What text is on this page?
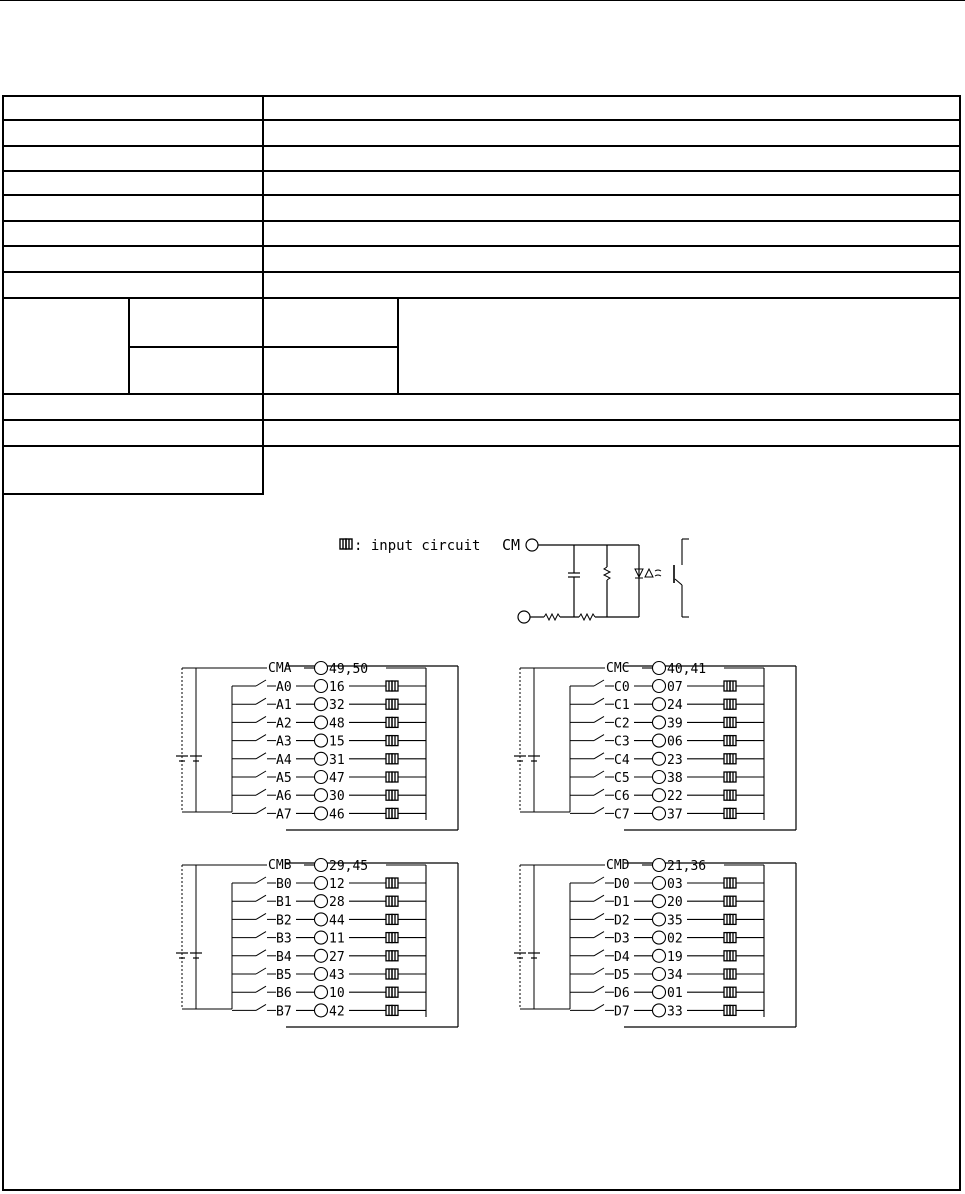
: input circuit CM
CMA	49,50
A0	16
A1	32
A2	48
A3	15
A4	31
A5	47
A6	30
A7	46
CMC	40,41
C0	07
C1	24
C2	39
C3	06
C4	23
C5	38
C6	22
C7	37
CMB	29,45
B0	12
B1	28
B2	44
B3	11
B4	27
B5	43
B6	10
B7	42
CMD	21,36
D0	03
D1	20
D2	35
D3	02
D4	19
D5	34
D6	01
D7	33
